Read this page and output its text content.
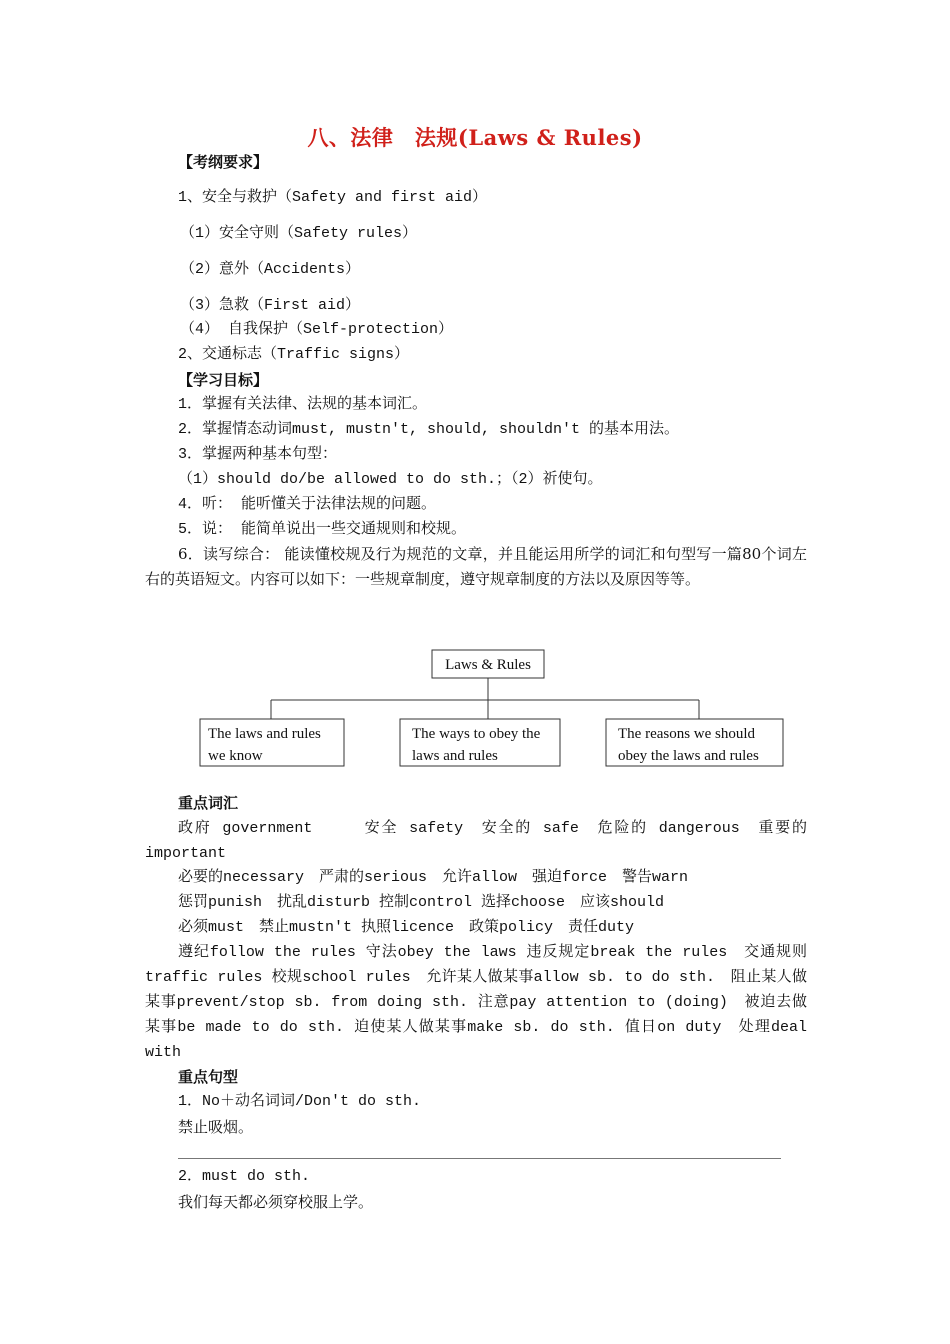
八、法律　法规(Laws & Rules)
【考纲要求】
1、安全与救护（Safety and first aid）
（1）安全守则（Safety rules）
（2）意外（Accidents）
（3）急救（First aid）
（4） 自我保护（Self-protection）
2、交通标志（Traffic signs）
【学习目标】
1．掌握有关法律、法规的基本词汇。
2．掌握情态动词must, mustn't, should, shouldn't 的基本用法。
3．掌握两种基本句型：
（1）should do/be allowed to do sth.；（2）祈使句。
4．听： 能听懂关于法律法规的问题。
5．说： 能简单说出一些交通规则和校规。
6．读写综合： 能读懂校规及行为规范的文章，并且能运用所学的词汇和句型写一篇80个词左右的英语短文。内容可以如下：一些规章制度，遵守规章制度的方法以及原因等等。
Laws & Rules
The laws and rules
we know
The ways to obey the
laws and rules
The reasons we should
obey the laws and rules
重点词汇
政府 government　　　安全 safety　安全的 safe　危险的 dangerous　重要的 important
必要的necessary　严肃的serious　允许allow　强迫force　警告warn
惩罚punish　扰乱disturb 控制control 选择choose　应该should
必须must　禁止mustn't 执照licence　政策policy　责任duty
遵纪follow the rules 守法obey the laws 违反规定break the rules　交通规则traffic rules 校规school rules　允许某人做某事allow sb. to do sth.　阻止某人做某事prevent/stop sb. from doing sth. 注意pay attention to (doing)　被迫去做某事be made to do sth. 迫使某人做某事make sb. do sth. 值日on duty　处理deal with
重点句型
1．No＋动名词词/Don't do sth.
禁止吸烟。
2．must do sth.
我们每天都必须穿校服上学。
